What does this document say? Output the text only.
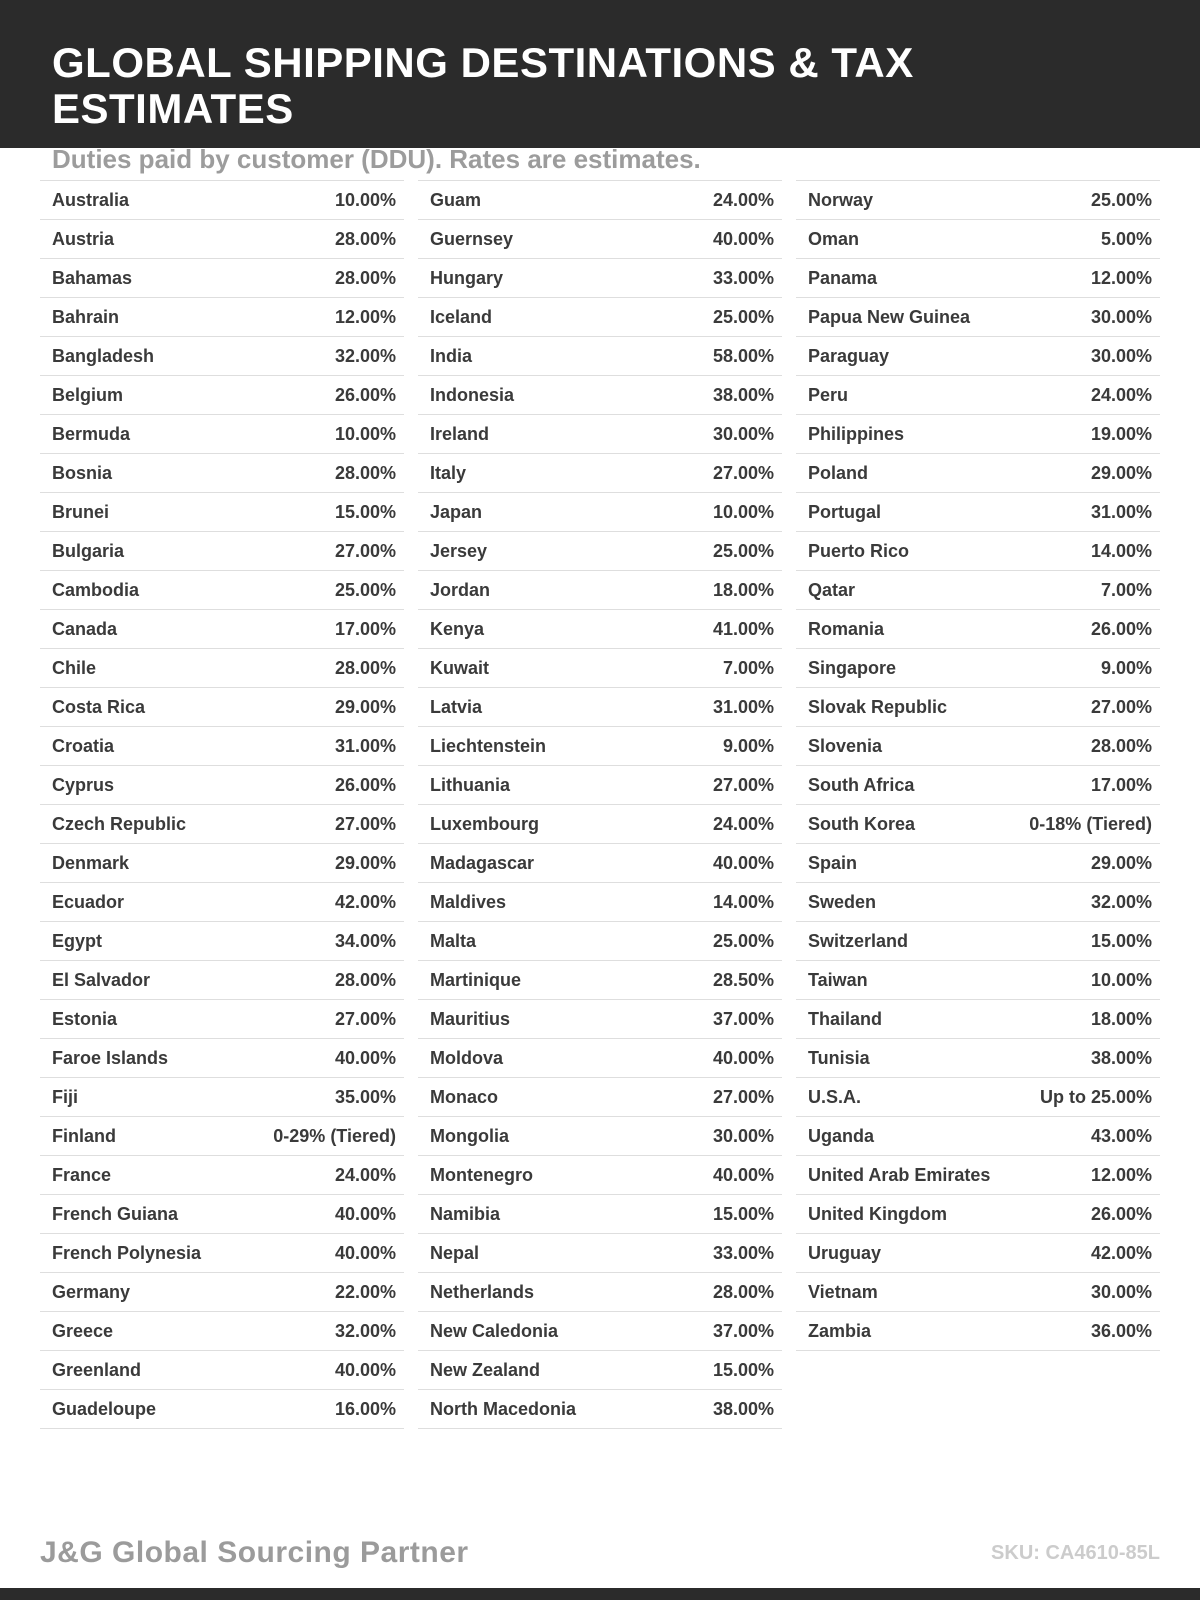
GLOBAL SHIPPING DESTINATIONS & TAX ESTIMATES
Duties paid by customer (DDU). Rates are estimates.
Australia	10.00%
Austria	28.00%
Bahamas	28.00%
Bahrain	12.00%
Bangladesh	32.00%
Belgium	26.00%
Bermuda	10.00%
Bosnia	28.00%
Brunei	15.00%
Bulgaria	27.00%
Cambodia	25.00%
Canada	17.00%
Chile	28.00%
Costa Rica	29.00%
Croatia	31.00%
Cyprus	26.00%
Czech Republic	27.00%
Denmark	29.00%
Ecuador	42.00%
Egypt	34.00%
El Salvador	28.00%
Estonia	27.00%
Faroe Islands	40.00%
Fiji	35.00%
Finland	0-29% (Tiered)
France	24.00%
French Guiana	40.00%
French Polynesia	40.00%
Germany	22.00%
Greece	32.00%
Greenland	40.00%
Guadeloupe	16.00%
Guam	24.00%
Guernsey	40.00%
Hungary	33.00%
Iceland	25.00%
India	58.00%
Indonesia	38.00%
Ireland	30.00%
Italy	27.00%
Japan	10.00%
Jersey	25.00%
Jordan	18.00%
Kenya	41.00%
Kuwait	7.00%
Latvia	31.00%
Liechtenstein	9.00%
Lithuania	27.00%
Luxembourg	24.00%
Madagascar	40.00%
Maldives	14.00%
Malta	25.00%
Martinique	28.50%
Mauritius	37.00%
Moldova	40.00%
Monaco	27.00%
Mongolia	30.00%
Montenegro	40.00%
Namibia	15.00%
Nepal	33.00%
Netherlands	28.00%
New Caledonia	37.00%
New Zealand	15.00%
North Macedonia	38.00%
Norway	25.00%
Oman	5.00%
Panama	12.00%
Papua New Guinea	30.00%
Paraguay	30.00%
Peru	24.00%
Philippines	19.00%
Poland	29.00%
Portugal	31.00%
Puerto Rico	14.00%
Qatar	7.00%
Romania	26.00%
Singapore	9.00%
Slovak Republic	27.00%
Slovenia	28.00%
South Africa	17.00%
South Korea	0-18% (Tiered)
Spain	29.00%
Sweden	32.00%
Switzerland	15.00%
Taiwan	10.00%
Thailand	18.00%
Tunisia	38.00%
U.S.A.	Up to 25.00%
Uganda	43.00%
United Arab Emirates	12.00%
United Kingdom	26.00%
Uruguay	42.00%
Vietnam	30.00%
Zambia	36.00%
J&G Global Sourcing Partner	SKU: CA4610-85L
